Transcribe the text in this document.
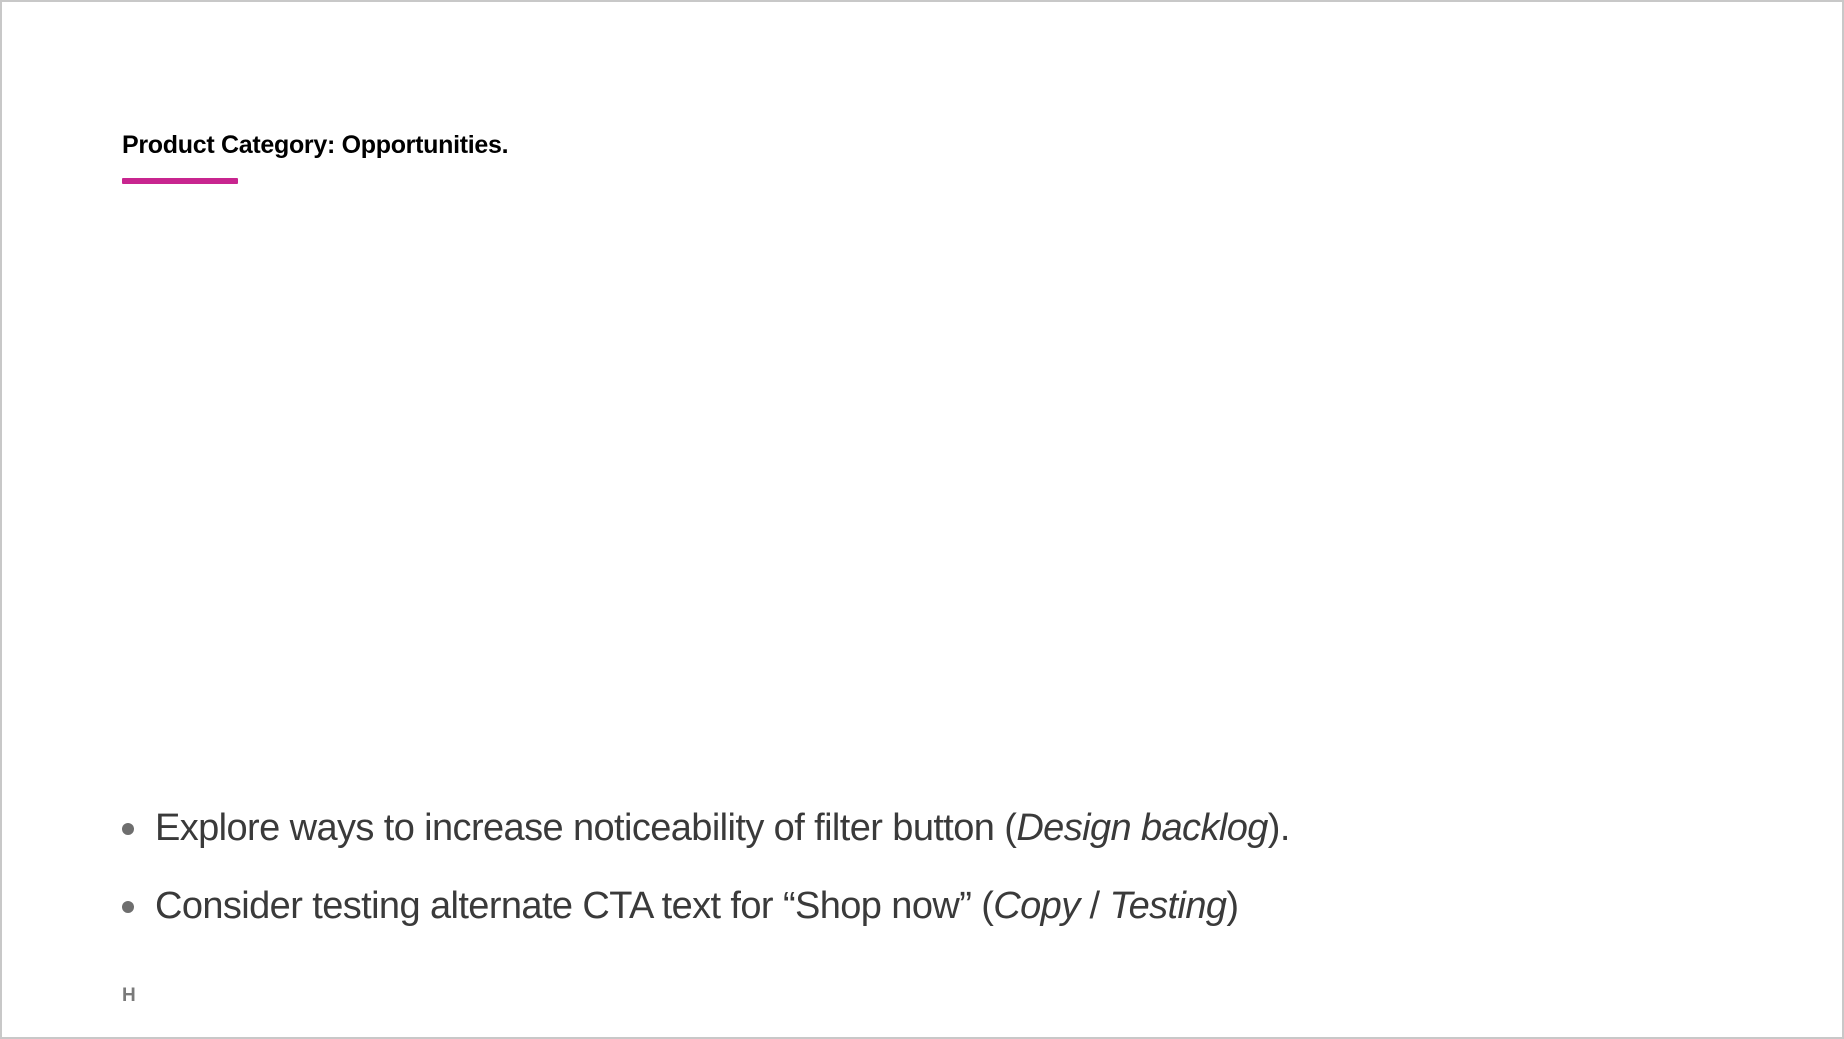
Product Category: Opportunities.
Explore ways to increase noticeability of filter button (Design backlog).
Consider testing alternate CTA text for “Shop now” (Copy / Testing)
H
